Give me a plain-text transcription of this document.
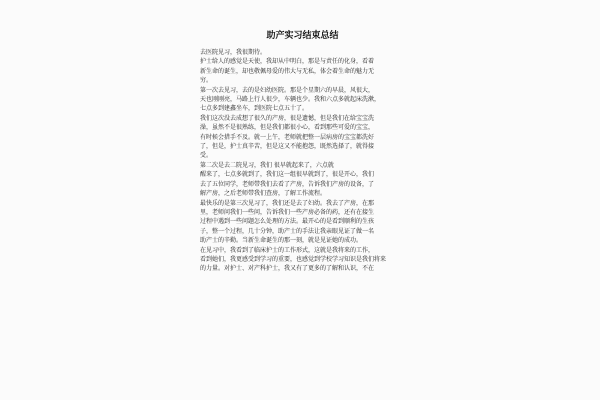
助产实习结束总结
去医院见习，我很期待。
护士给人的感觉是天使，我却从中明白，那是与责任的化身，看着
新生命的诞生，却也敬佩母爱的伟大与无私，体会着生命的魅力无
穷。
第一次去见习，去的是妇幼医院。那是个星期六的早晨，风很大，
天也刚刚亮，马路上行人很少，车辆也少。我和六点多就起床洗漱，
七点多到建鑫坐车，到医院七点五十了。
我们这次没去成想了很久的产房，很是遗憾，但是我们在给宝宝洗
澡，虽然不是很熟练，但是我们都很小心，看到那些可爱的宝宝，
有时候会措手不及。就一上午，老师就把整一层病房的宝宝都洗好
了，但是，护士真辛苦，但是这又不能抱怨，既然选择了，就得接
受。
第二次是去二院见习，我们 很早就起来了，六点就
醒来了，七点多就到了，我们这一组很早就到了，很是开心，我们
去了五位同学，老师带我们去看了产房，告诉我们产房的设备，了
解产房，之后老师带我们查房，了解工作流程。
最快乐的是第三次见习了，我们还是去了妇幼。我去了产房，在那
里，老师问我们一些问，告诉我们一些产房必备的药，还有在接生
过程中遇到一些问题怎么处理的方法。最开心的是看到顺利的生孩
子，整一个过程，几十分钟，助产士的手法让我亲眼见证了做一名
助产士的辛勤。当新生命诞生的那一刻，就是见证她的成功。
在见习中，我看到了临床护士的工作形式，这就是我将来的工作，
看到她们，我更感受到学习的重要，也感觉到学校学习知识是我们将来
的力量。对护士、对产科护士，我又有了更多的了解和认识，不在
